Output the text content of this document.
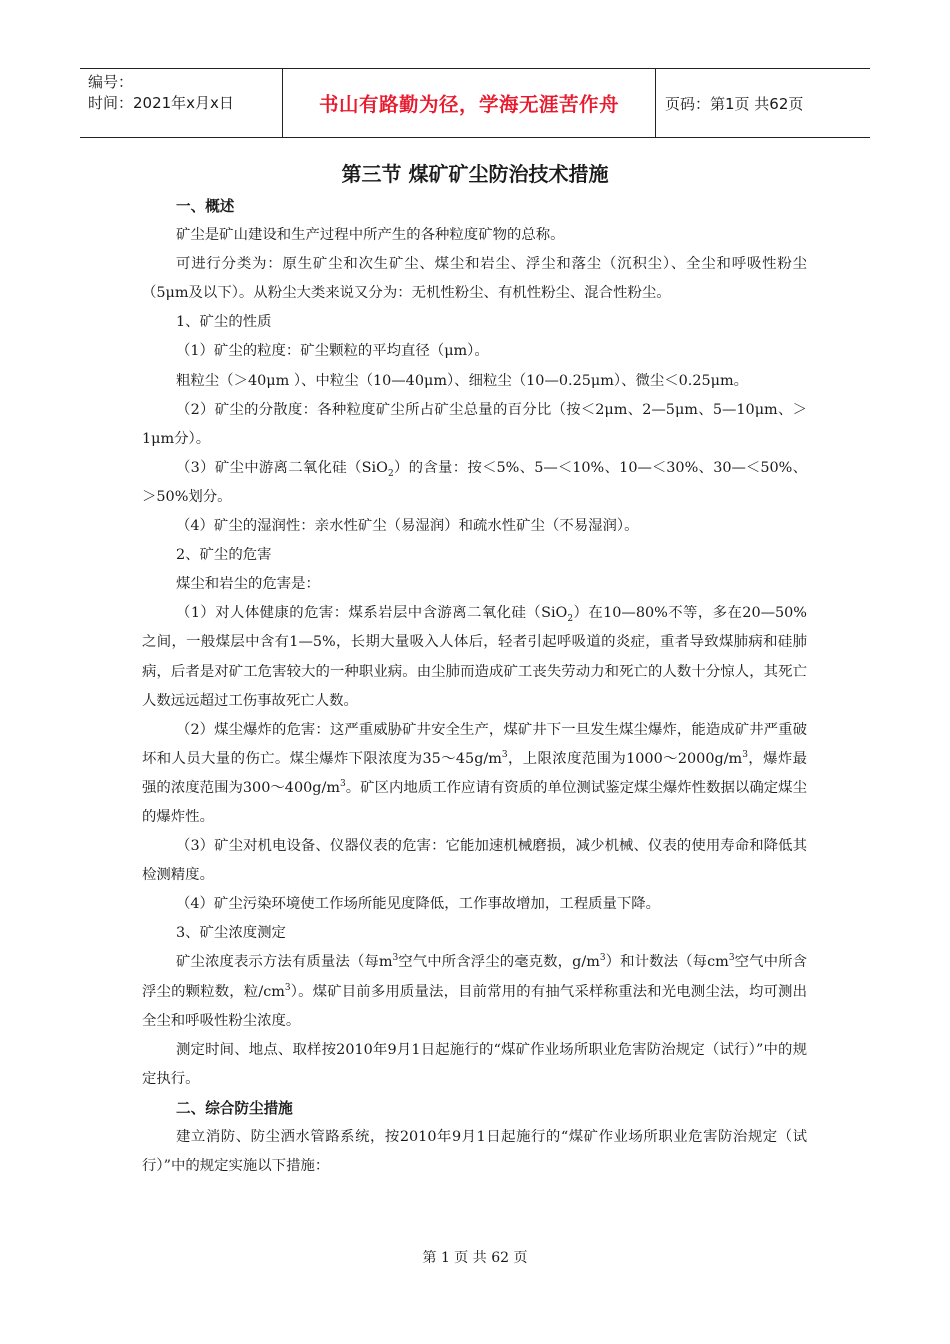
编号：
时间：2021年x月x日	书山有路勤为径，学海无涯苦作舟	页码：第1页 共62页
第三节 煤矿矿尘防治技术措施

一、概述

矿尘是矿山建设和生产过程中所产生的各种粒度矿物的总称。

可进行分类为：原生矿尘和次生矿尘、煤尘和岩尘、浮尘和落尘（沉积尘）、全尘和呼吸性粉尘（5μm及以下）。从粉尘大类来说又分为：无机性粉尘、有机性粉尘、混合性粉尘。

1、矿尘的性质

（1）矿尘的粒度：矿尘颗粒的平均直径（μm）。

粗粒尘（＞40μm ）、中粒尘（10—40μm）、细粒尘（10—0.25μm）、微尘＜0.25μm。

（2）矿尘的分散度：各种粒度矿尘所占矿尘总量的百分比（按＜2μm、2—5μm、5—10μm、＞1μm分）。

（3）矿尘中游离二氧化硅（SiO$_2$）的含量：按＜5%、5—＜10%、10—＜30%、30—＜50%、＞50%划分。

（4）矿尘的湿润性：亲水性矿尘（易湿润）和疏水性矿尘（不易湿润）。

2、矿尘的危害

煤尘和岩尘的危害是：

（1）对人体健康的危害：煤系岩层中含游离二氧化硅（SiO$_2$）在10—80%不等，多在20—50%之间，一般煤层中含有1—5%，长期大量吸入人体后，轻者引起呼吸道的炎症，重者导致煤肺病和硅肺病，后者是对矿工危害较大的一种职业病。由尘肺而造成矿工丧失劳动力和死亡的人数十分惊人，其死亡人数远远超过工伤事故死亡人数。

（2）煤尘爆炸的危害：这严重威胁矿井安全生产，煤矿井下一旦发生煤尘爆炸，能造成矿井严重破坏和人员大量的伤亡。煤尘爆炸下限浓度为$35\sim 45g/m^3$，上限浓度范围为$1000\sim 2000g/m^3$，爆炸最强的浓度范围为$300\sim 400g/m^3$。矿区内地质工作应请有资质的单位测试鉴定煤尘爆炸性数据以确定煤尘的爆炸性。

（3）矿尘对机电设备、仪器仪表的危害：它能加速机械磨损，减少机械、仪表的使用寿命和降低其检测精度。

（4）矿尘污染环境使工作场所能见度降低，工作事故增加，工程质量下降。

3、矿尘浓度测定

矿尘浓度表示方法有质量法（每$m^3$空气中所含浮尘的毫克数，$g/m^3$）和计数法（每$cm^3$空气中所含浮尘的颗粒数，粒$/cm^3$）。煤矿目前多用质量法，目前常用的有抽气采样称重法和光电测尘法，均可测出全尘和呼吸性粉尘浓度。

测定时间、地点、取样按2010年9月1日起施行的“煤矿作业场所职业危害防治规定（试行）”中的规定执行。

二、综合防尘措施

建立消防、防尘洒水管路系统，按2010年9月1日起施行的“煤矿作业场所职业危害防治规定（试行）”中的规定实施以下措施：

第 1 页 共 62 页
